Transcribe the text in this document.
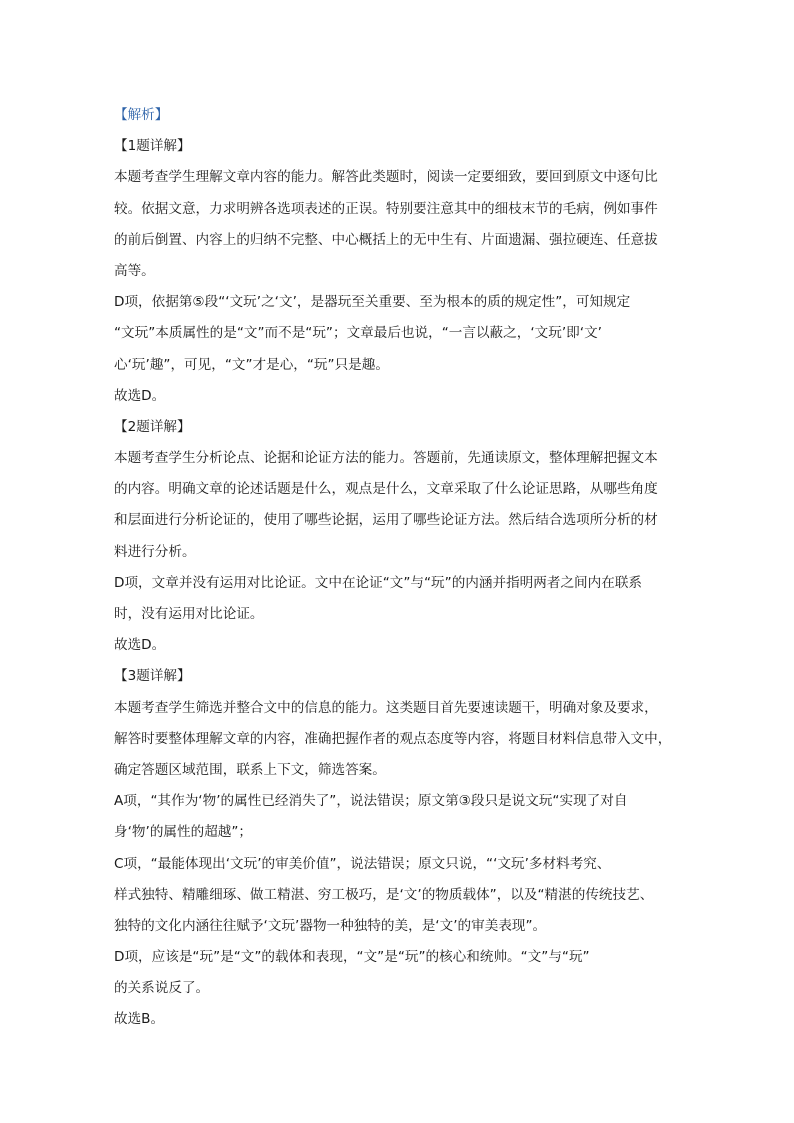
【解析】
【1题详解】
本题考查学生理解文章内容的能力。解答此类题时，阅读一定要细致，要回到原文中逐句比
较。依据文意，力求明辨各选项表述的正误。特别要注意其中的细枝末节的毛病，例如事件
的前后倒置、内容上的归纳不完整、中心概括上的无中生有、片面遗漏、强拉硬连、任意拔
高等。
D项，依据第⑤段“‘文玩’之‘文’，是器玩至关重要、至为根本的质的规定性”，可知规定
“文玩”本质属性的是“文”而不是“玩”；文章最后也说，“一言以蔽之，‘文玩’即‘文’
心‘玩’趣”，可见，“文”才是心，“玩”只是趣。
故选D。
【2题详解】
本题考查学生分析论点、论据和论证方法的能力。答题前，先通读原文，整体理解把握文本
的内容。明确文章的论述话题是什么，观点是什么，文章采取了什么论证思路，从哪些角度
和层面进行分析论证的，使用了哪些论据，运用了哪些论证方法。然后结合选项所分析的材
料进行分析。
D项，文章并没有运用对比论证。文中在论证“文”与“玩”的内涵并指明两者之间内在联系
时，没有运用对比论证。
故选D。
【3题详解】
本题考查学生筛选并整合文中的信息的能力。这类题目首先要速读题干，明确对象及要求，
解答时要整体理解文章的内容，准确把握作者的观点态度等内容，将题目材料信息带入文中，
确定答题区域范围，联系上下文，筛选答案。
A项，“其作为‘物’的属性已经消失了”，说法错误；原文第③段只是说文玩“实现了对自
身‘物’的属性的超越”；
C项，“最能体现出‘文玩’的审美价值”，说法错误；原文只说，“‘文玩’多材料考究、
样式独特、精雕细琢、做工精湛、穷工极巧，是‘文’的物质载体”，以及“精湛的传统技艺、
独特的文化内涵往往赋予‘文玩’器物一种独特的美，是‘文’的审美表现”。
D项，应该是“玩”是“文”的载体和表现，“文”是“玩”的核心和统帅。“文”与“玩”
的关系说反了。
故选B。
